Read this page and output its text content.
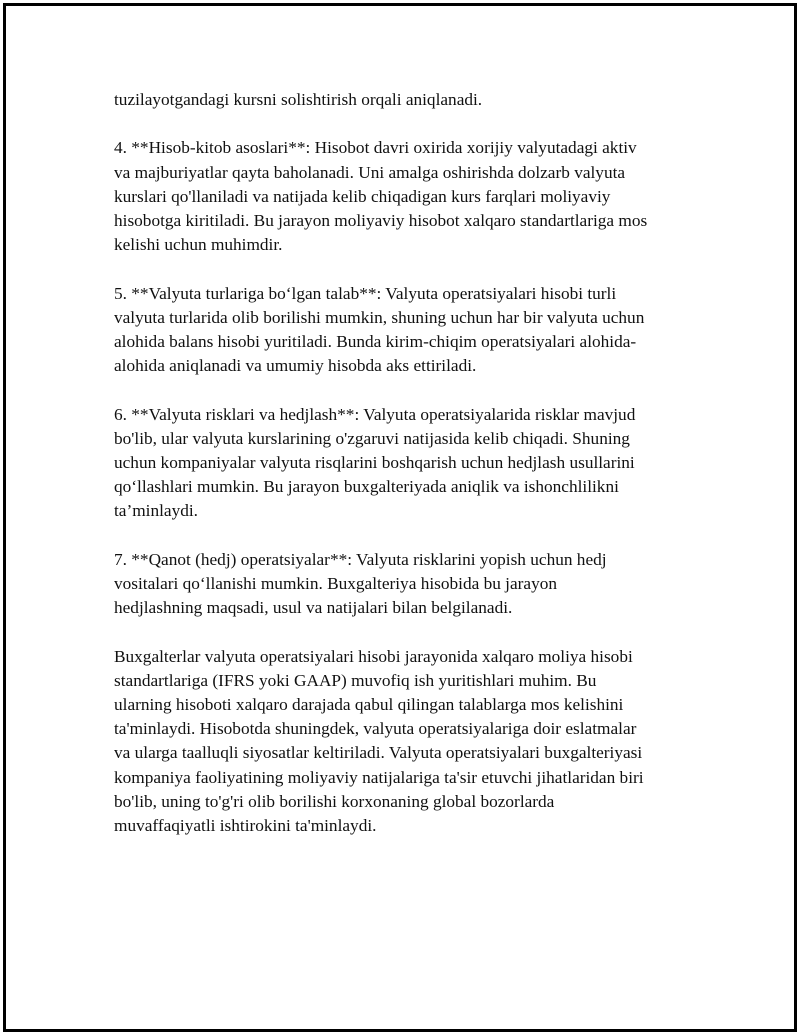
tuzilayotgandagi kursni solishtirish orqali aniqlanadi.

4. **Hisob-kitob asoslari**: Hisobot davri oxirida xorijiy valyutadagi aktiv
va majburiyatlar qayta baholanadi. Uni amalga oshirishda dolzarb valyuta
kurslari qo'llaniladi va natijada kelib chiqadigan kurs farqlari moliyaviy
hisobotga kiritiladi. Bu jarayon moliyaviy hisobot xalqaro standartlariga mos
kelishi uchun muhimdir.

5. **Valyuta turlariga bo‘lgan talab**: Valyuta operatsiyalari hisobi turli
valyuta turlarida olib borilishi mumkin, shuning uchun har bir valyuta uchun
alohida balans hisobi yuritiladi. Bunda kirim-chiqim operatsiyalari alohida-
alohida aniqlanadi va umumiy hisobda aks ettiriladi.

6. **Valyuta risklari va hedjlash**: Valyuta operatsiyalarida risklar mavjud
bo'lib, ular valyuta kurslarining o'zgaruvi natijasida kelib chiqadi. Shuning
uchun kompaniyalar valyuta risqlarini boshqarish uchun hedjlash usullarini
qo‘llashlari mumkin. Bu jarayon buxgalteriyada aniqlik va ishonchlilikni
ta’minlaydi.

7. **Qanot (hedj) operatsiyalar**: Valyuta risklarini yopish uchun hedj
vositalari qo‘llanishi mumkin. Buxgalteriya hisobida bu jarayon
hedjlashning maqsadi, usul va natijalari bilan belgilanadi.

Buxgalterlar valyuta operatsiyalari hisobi jarayonida xalqaro moliya hisobi
standartlariga (IFRS yoki GAAP) muvofiq ish yuritishlari muhim. Bu
ularning hisoboti xalqaro darajada qabul qilingan talablarga mos kelishini
ta'minlaydi. Hisobotda shuningdek, valyuta operatsiyalariga doir eslatmalar
va ularga taalluqli siyosatlar keltiriladi. Valyuta operatsiyalari buxgalteriyasi
kompaniya faoliyatining moliyaviy natijalariga ta'sir etuvchi jihatlaridan biri
bo'lib, uning to'g'ri olib borilishi korxonaning global bozorlarda
muvaffaqiyatli ishtirokini ta'minlaydi.
